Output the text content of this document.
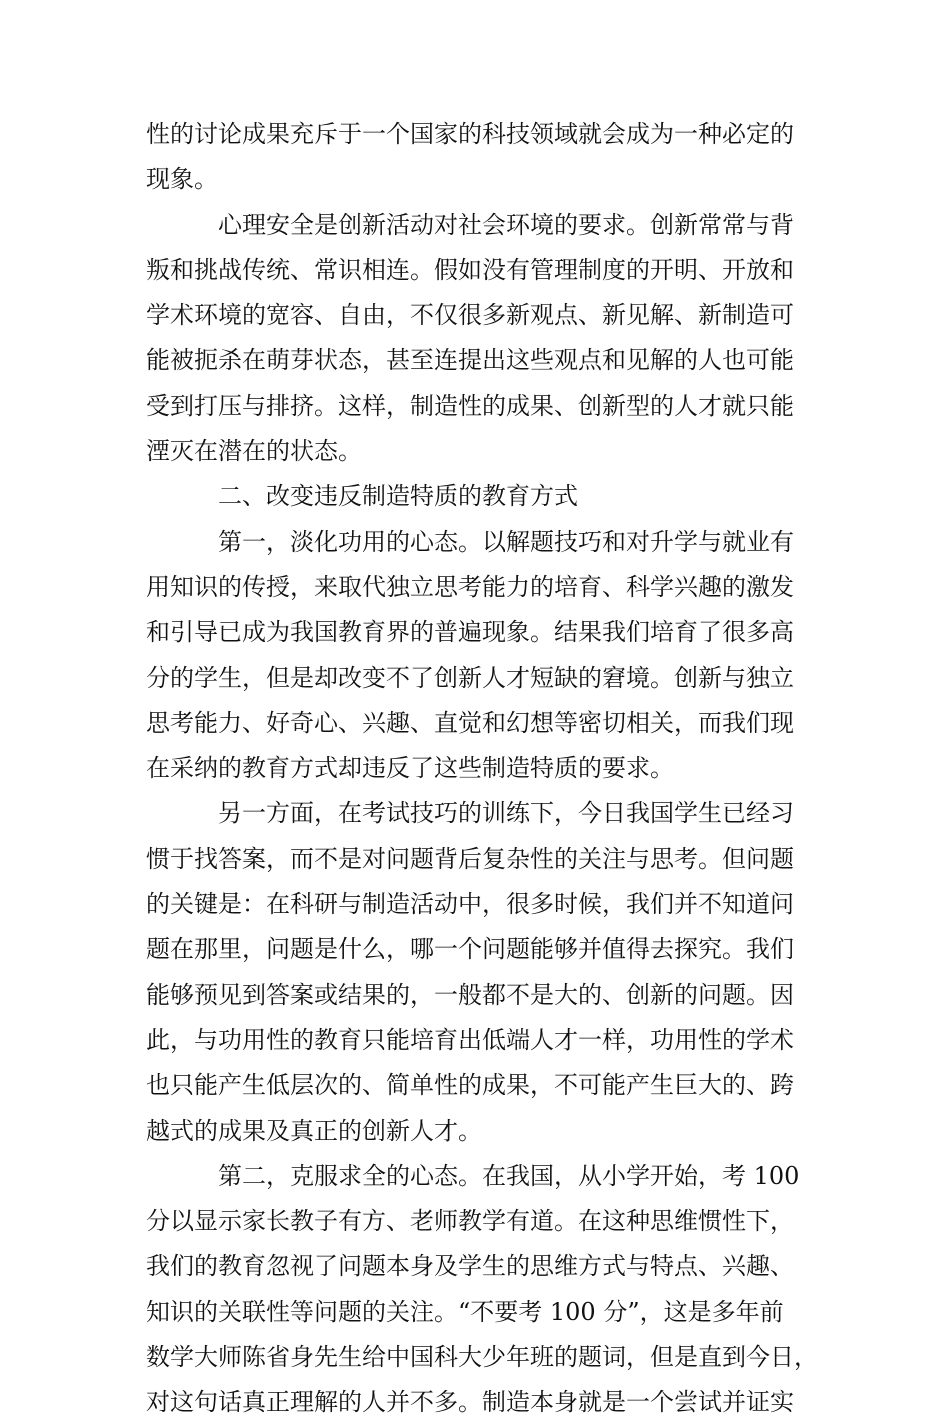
性的讨论成果充斥于一个国家的科技领域就会成为一种必定的
现象。
心理安全是创新活动对社会环境的要求。创新常常与背
叛和挑战传统、常识相连。假如没有管理制度的开明、开放和
学术环境的宽容、自由，不仅很多新观点、新见解、新制造可
能被扼杀在萌芽状态，甚至连提出这些观点和见解的人也可能
受到打压与排挤。这样，制造性的成果、创新型的人才就只能
湮灭在潜在的状态。
二、改变违反制造特质的教育方式
第一，淡化功用的心态。以解题技巧和对升学与就业有
用知识的传授，来取代独立思考能力的培育、科学兴趣的激发
和引导已成为我国教育界的普遍现象。结果我们培育了很多高
分的学生，但是却改变不了创新人才短缺的窘境。创新与独立
思考能力、好奇心、兴趣、直觉和幻想等密切相关，而我们现
在采纳的教育方式却违反了这些制造特质的要求。
另一方面，在考试技巧的训练下，今日我国学生已经习
惯于找答案，而不是对问题背后复杂性的关注与思考。但问题
的关键是：在科研与制造活动中，很多时候，我们并不知道问
题在那里，问题是什么，哪一个问题能够并值得去探究。我们
能够预见到答案或结果的，一般都不是大的、创新的问题。因
此，与功用性的教育只能培育出低端人才一样，功用性的学术
也只能产生低层次的、简单性的成果，不可能产生巨大的、跨
越式的成果及真正的创新人才。
第二，克服求全的心态。在我国，从小学开始，考 100
分以显示家长教子有方、老师教学有道。在这种思维惯性下，
我们的教育忽视了问题本身及学生的思维方式与特点、兴趣、
知识的关联性等问题的关注。“不要考 100 分”，这是多年前
数学大师陈省身先生给中国科大少年班的题词，但是直到今日，
对这句话真正理解的人并不多。制造本身就是一个尝试并证实
